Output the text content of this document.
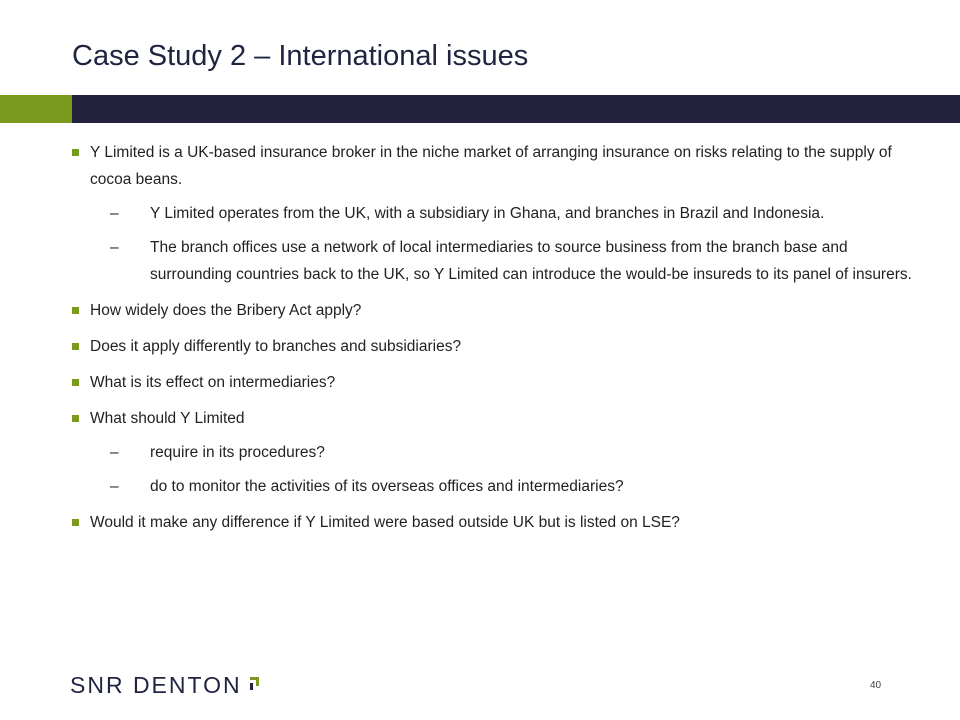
Case Study 2 – International issues
Y Limited is a UK-based insurance broker in the niche market of arranging insurance on risks relating to the supply of cocoa beans.
– Y Limited operates from the UK, with a subsidiary in Ghana, and branches in Brazil and Indonesia.
– The branch offices use a network of local intermediaries to source business from the branch base and surrounding countries back to the UK, so Y Limited can introduce the would-be insureds to its panel of insurers.
How widely does the Bribery Act apply?
Does it apply differently to branches and subsidiaries?
What is its effect on intermediaries?
What should Y Limited
– require in its procedures?
– do to monitor the activities of its overseas offices and intermediaries?
Would it make any difference if Y Limited were based outside UK but is listed on LSE?
SNR DENTON	40
